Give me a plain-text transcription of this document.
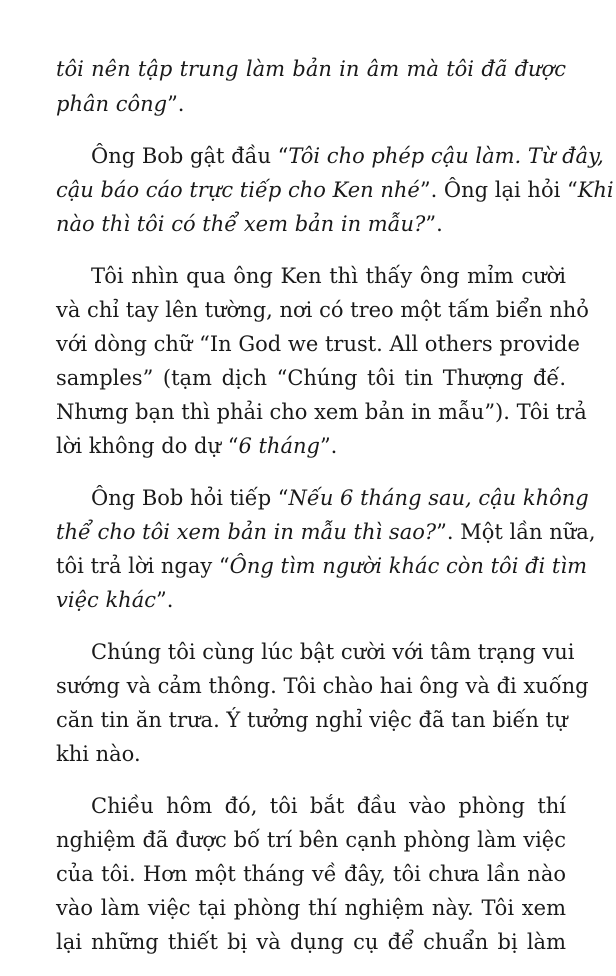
tôi nên tập trung làm bản in âm mà tôi đã được
phân công”.
Ông Bob gật đầu “Tôi cho phép cậu làm. Từ đây,
cậu báo cáo trực tiếp cho Ken nhé”. Ông lại hỏi “Khi
nào thì tôi có thể xem bản in mẫu?”.
Tôi nhìn qua ông Ken thì thấy ông mỉm cười
và chỉ tay lên tường, nơi có treo một tấm biển nhỏ
với dòng chữ “In God we trust. All others provide
samples” (tạm dịch “Chúng tôi tin Thượng đế.
Nhưng bạn thì phải cho xem bản in mẫu”). Tôi trả
lời không do dự “6 tháng”.
Ông Bob hỏi tiếp “Nếu 6 tháng sau, cậu không
thể cho tôi xem bản in mẫu thì sao?”. Một lần nữa,
tôi trả lời ngay “Ông tìm người khác còn tôi đi tìm
việc khác”.
Chúng tôi cùng lúc bật cười với tâm trạng vui
sướng và cảm thông. Tôi chào hai ông và đi xuống
căn tin ăn trưa. Ý tưởng nghỉ việc đã tan biến tự
khi nào.
Chiều hôm đó, tôi bắt đầu vào phòng thí
nghiệm đã được bố trí bên cạnh phòng làm việc
của tôi. Hơn một tháng về đây, tôi chưa lần nào
vào làm việc tại phòng thí nghiệm này. Tôi xem
lại những thiết bị và dụng cụ để chuẩn bị làm
